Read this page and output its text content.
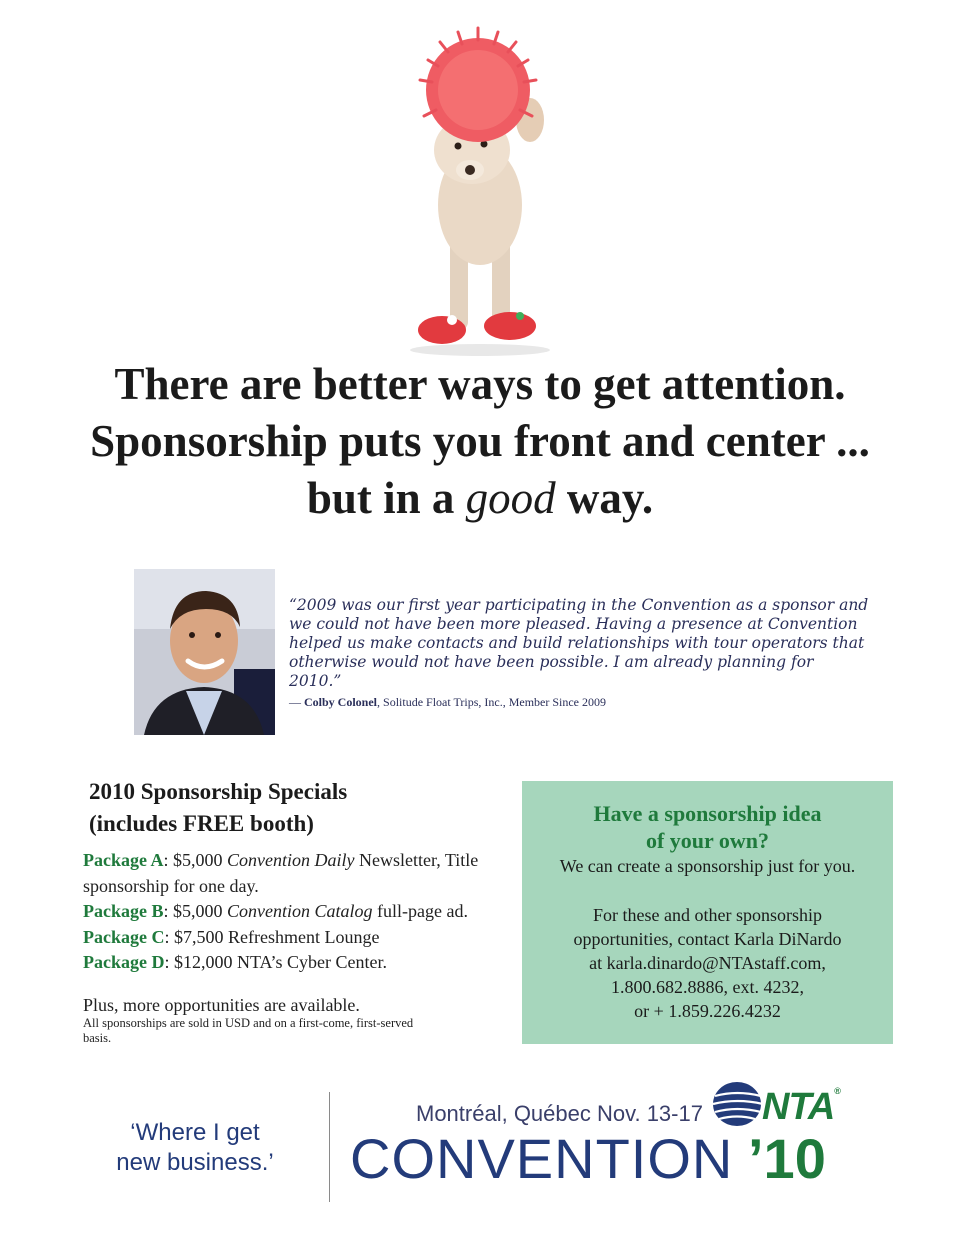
There are better ways to get attention.
Sponsorship puts you front and center ...
but in a good way.

“2009 was our first year participating in the Convention as a sponsor and we could not have been more pleased. Having a presence at Convention helped us make contacts and build relationships with tour operators that otherwise would not have been possible. I am already planning for 2010.”

— Colby Colonel, Solitude Float Trips, Inc., Member Since 2009
2010 Sponsorship Specials
(includes FREE booth)
Package A: $5,000 Convention Daily Newsletter, Title sponsorship for one day.
Package B: $5,000 Convention Catalog full-page ad.
Package C: $7,500 Refreshment Lounge
Package D: $12,000 NTA’s Cyber Center.
Plus, more opportunities are available.
All sponsorships are sold in USD and on a first-come, first-served basis.
Have a sponsorship idea
of your own?
We can create a sponsorship just for you.
For these and other sponsorship
opportunities, contact Karla DiNardo
at karla.dinardo@NTAstaff.com,
1.800.682.8886, ext. 4232,
or + 1.859.226.4232
‘Where I get
new business.’
Montréal, Québec Nov. 13-17	NTA®
CONVENTION ’10
